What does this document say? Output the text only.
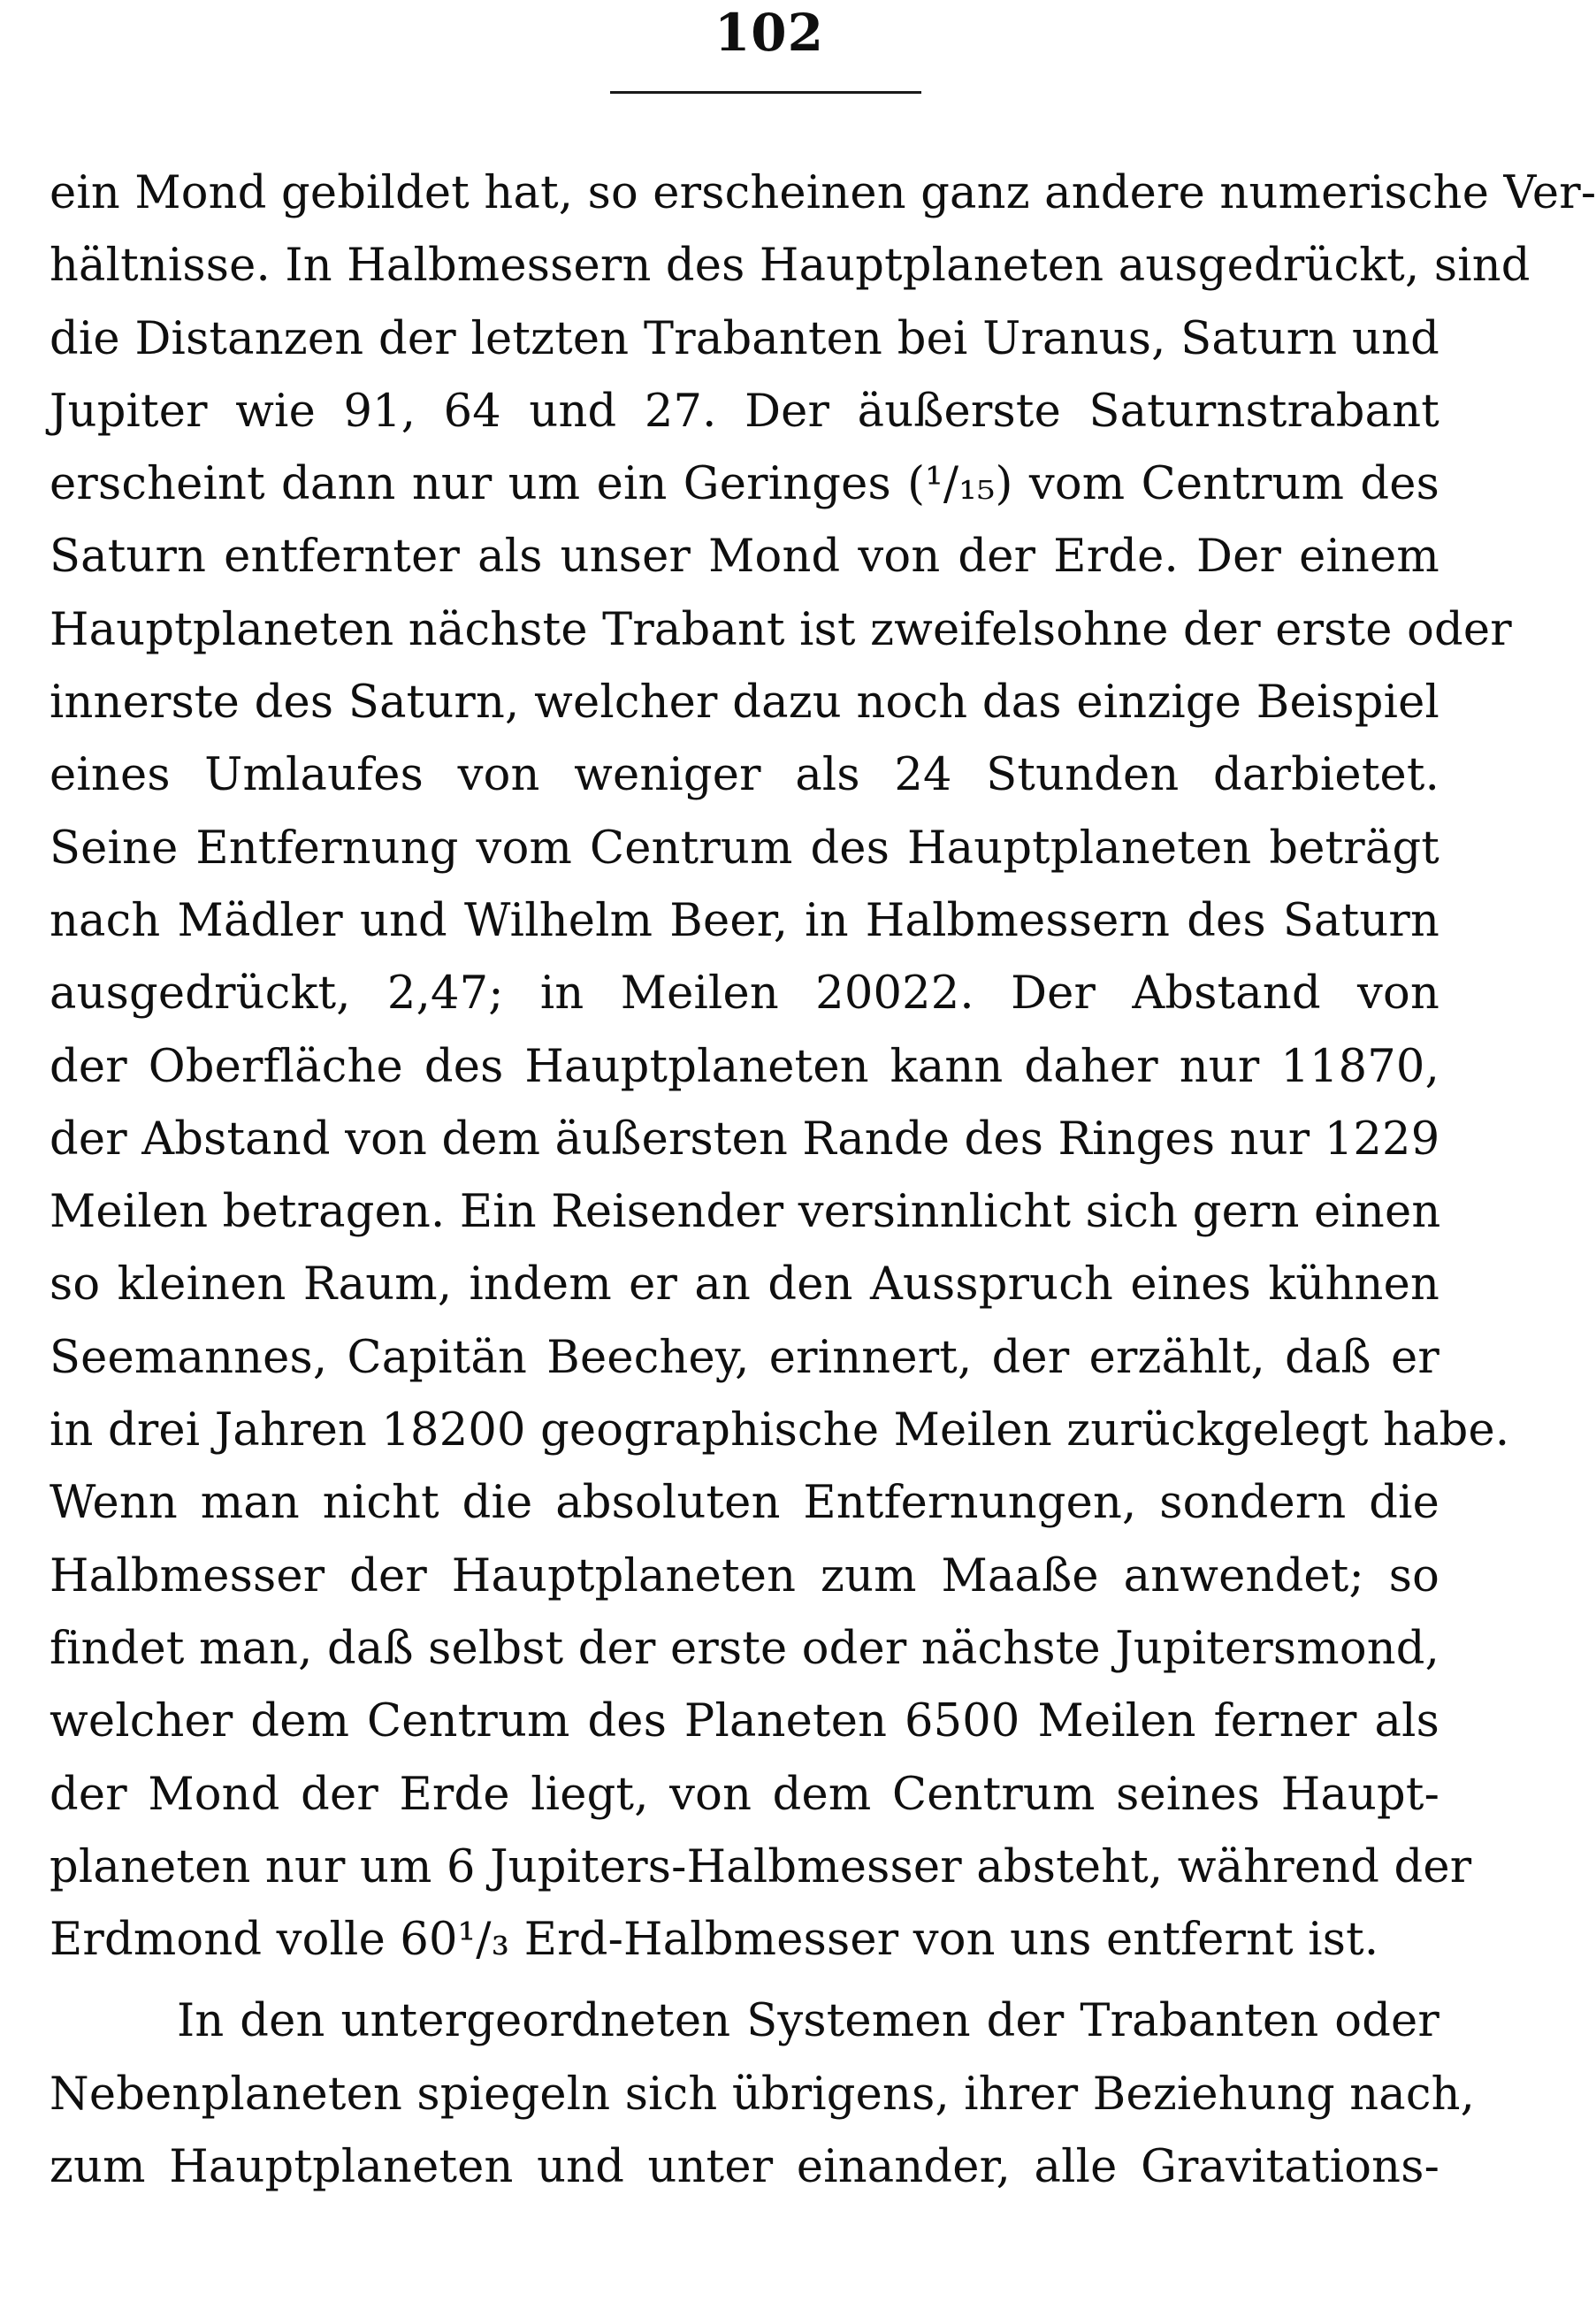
102
ein Mond gebildet hat, so erscheinen ganz andere numerische Ver-
hältnisse. In Halbmessern des Hauptplaneten ausgedrückt, sind
die Distanzen der letzten Trabanten bei Uranus, Saturn und
Jupiter wie 91, 64 und 27. Der äußerste Saturnstrabant
erscheint dann nur um ein Geringes (¹/₁₅) vom Centrum des
Saturn entfernter als unser Mond von der Erde. Der einem
Hauptplaneten nächste Trabant ist zweifelsohne der erste oder
innerste des Saturn, welcher dazu noch das einzige Beispiel
eines Umlaufes von weniger als 24 Stunden darbietet.
Seine Entfernung vom Centrum des Hauptplaneten beträgt
nach Mädler und Wilhelm Beer, in Halbmessern des Saturn
ausgedrückt, 2,47; in Meilen 20022. Der Abstand von
der Oberfläche des Hauptplaneten kann daher nur 11870,
der Abstand von dem äußersten Rande des Ringes nur 1229
Meilen betragen. Ein Reisender versinnlicht sich gern einen
so kleinen Raum, indem er an den Ausspruch eines kühnen
Seemannes, Capitän Beechey, erinnert, der erzählt, daß er
in drei Jahren 18200 geographische Meilen zurückgelegt habe.
Wenn man nicht die absoluten Entfernungen, sondern die
Halbmesser der Hauptplaneten zum Maaße anwendet; so
findet man, daß selbst der erste oder nächste Jupitersmond,
welcher dem Centrum des Planeten 6500 Meilen ferner als
der Mond der Erde liegt, von dem Centrum seines Haupt-
planeten nur um 6 Jupiters-Halbmesser absteht, während der
Erdmond volle 60¹/₃ Erd-Halbmesser von uns entfernt ist.
In den untergeordneten Systemen der Trabanten oder
Nebenplaneten spiegeln sich übrigens, ihrer Beziehung nach,
zum Hauptplaneten und unter einander, alle Gravitations-
